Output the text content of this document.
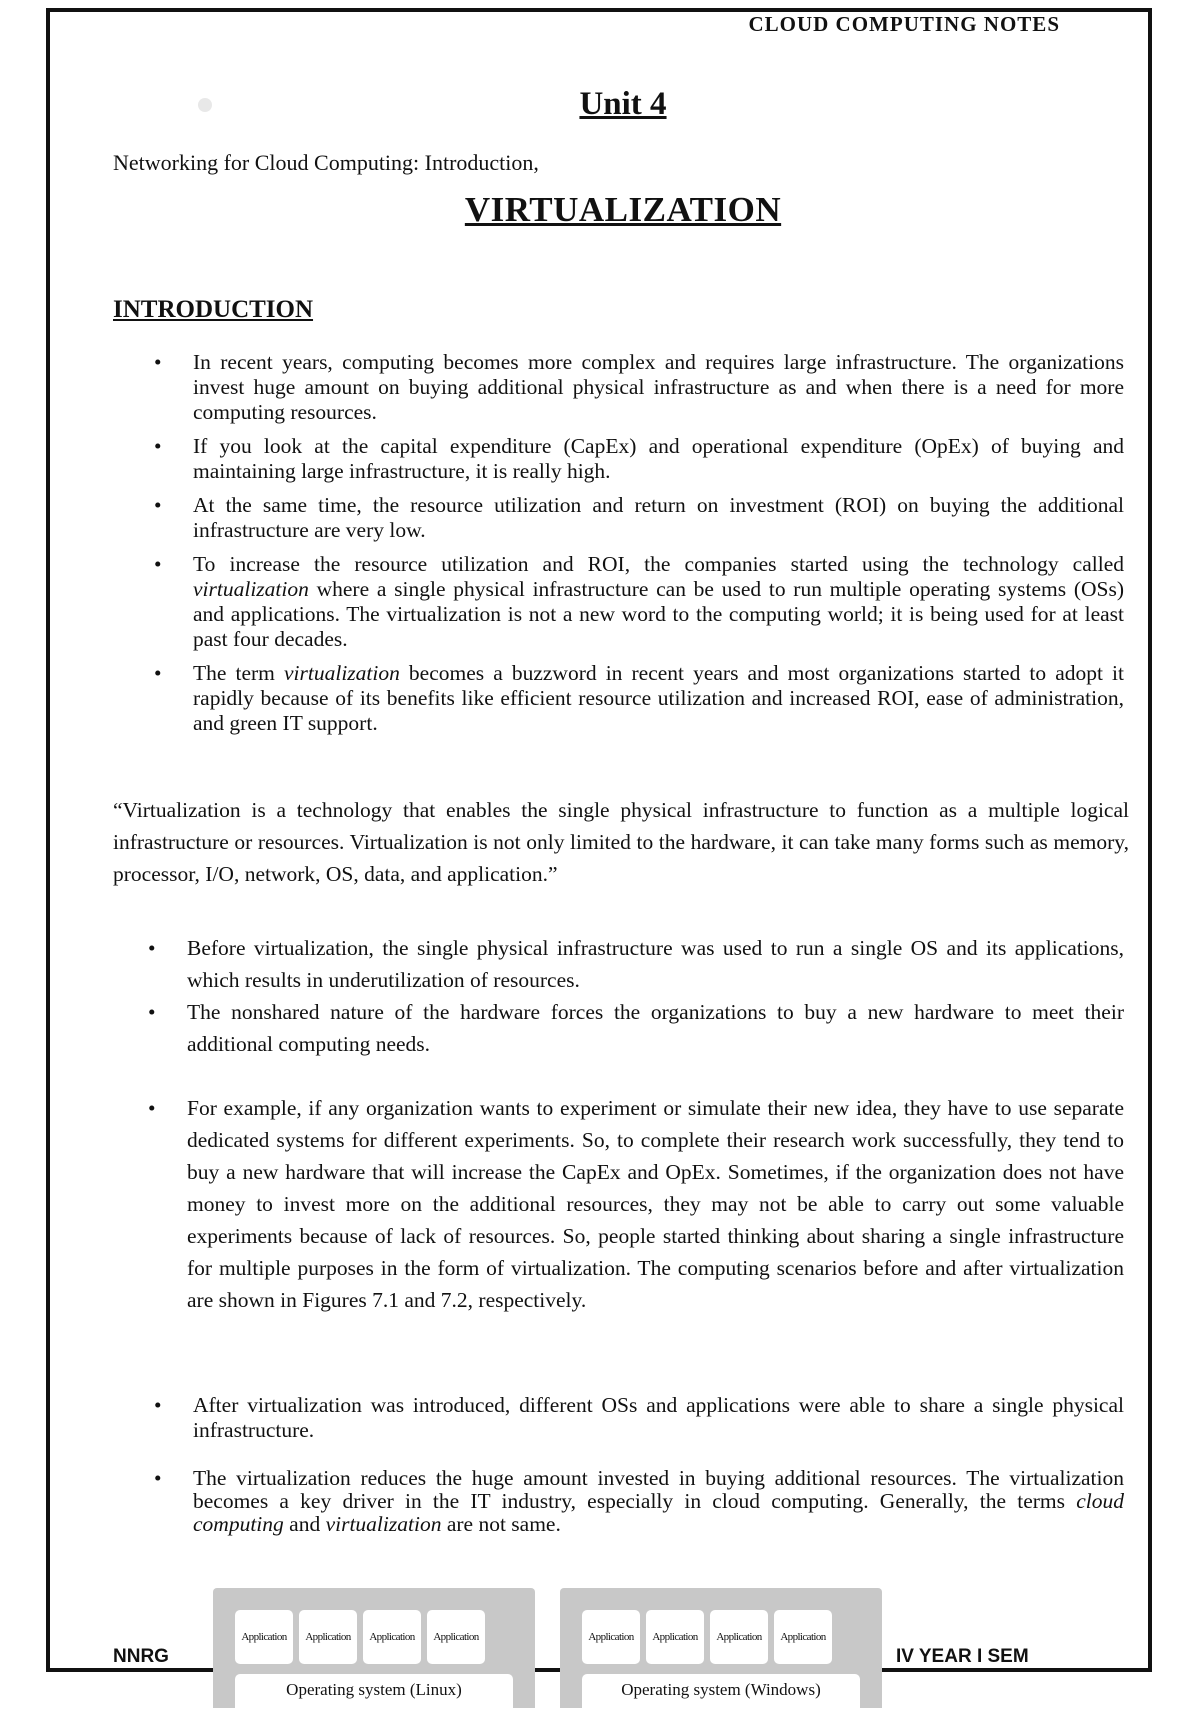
CLOUD COMPUTING NOTES
Unit 4
Networking for Cloud Computing: Introduction,
VIRTUALIZATION
INTRODUCTION
• In recent years, computing becomes more complex and requires large infrastructure. The organizations invest huge amount on buying additional physical infrastructure as and when there is a need for more computing resources.
• If you look at the capital expenditure (CapEx) and operational expenditure (OpEx) of buying and maintaining large infrastructure, it is really high.
• At the same time, the resource utilization and return on investment (ROI) on buying the additional infrastructure are very low.
• To increase the resource utilization and ROI, the companies started using the technology called virtualization where a single physical infrastructure can be used to run multiple operating systems (OSs) and applications. The virtualization is not a new word to the computing world; it is being used for at least past four decades.
• The term virtualization becomes a buzzword in recent years and most organizations started to adopt it rapidly because of its benefits like efficient resource utilization and increased ROI, ease of administration, and green IT support.
“Virtualization is a technology that enables the single physical infrastructure to function as a multiple logical infrastructure or resources. Virtualization is not only limited to the hardware, it can take many forms such as memory, processor, I/O, network, OS, data, and application.”
• Before virtualization, the single physical infrastructure was used to run a single OS and its applications, which results in underutilization of resources.
• The nonshared nature of the hardware forces the organizations to buy a new hardware to meet their additional computing needs.
• For example, if any organization wants to experiment or simulate their new idea, they have to use separate dedicated systems for different experiments. So, to complete their research work successfully, they tend to buy a new hardware that will increase the CapEx and OpEx. Sometimes, if the organization does not have money to invest more on the additional resources, they may not be able to carry out some valuable experiments because of lack of resources. So, people started thinking about sharing a single infrastructure for multiple purposes in the form of virtualization. The computing scenarios before and after virtualization are shown in Figures 7.1 and 7.2, respectively.
• After virtualization was introduced, different OSs and applications were able to share a single physical infrastructure.
• The virtualization reduces the huge amount invested in buying additional resources. The virtualization becomes a key driver in the IT industry, especially in cloud computing. Generally, the terms cloud computing and virtualization are not same.
Application	Application	Application	Application
Operating system (Linux)
Application	Application	Application	Application
Operating system (Windows)
NNRG	IV YEAR I SEM
